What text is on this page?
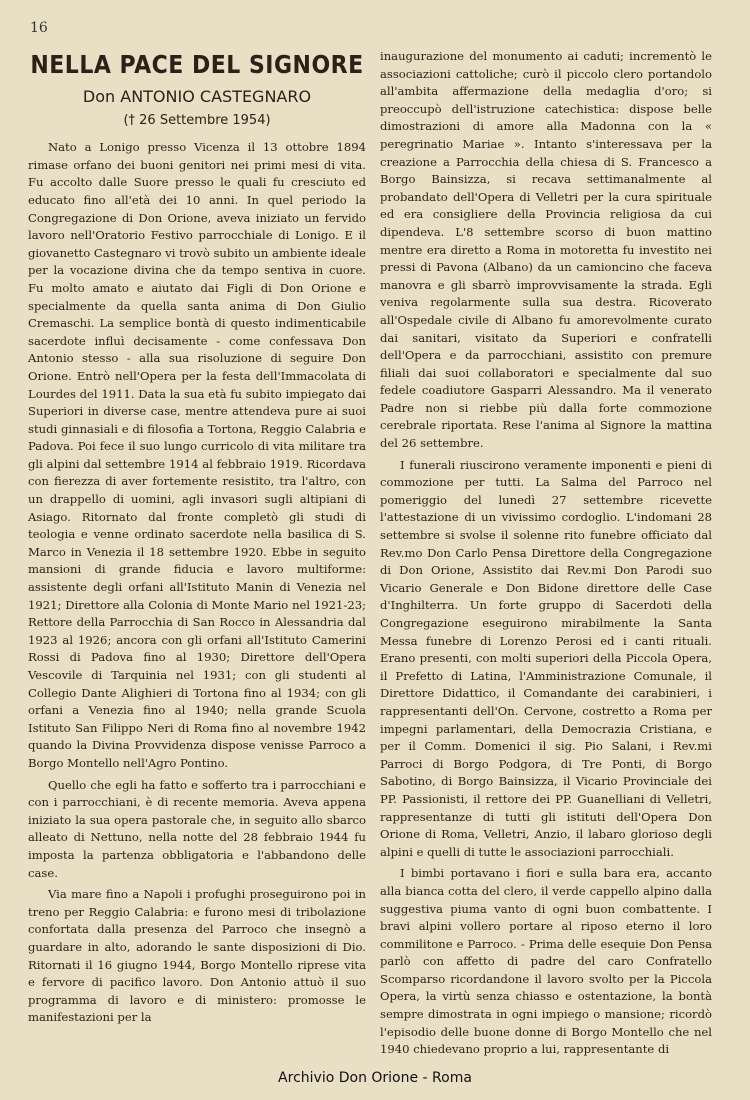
16
NELLA PACE DEL SIGNORE
Don ANTONIO CASTEGNARO
(† 26 Settembre 1954)

Nato a Lonigo presso Vicenza il 13 ottobre 1894 rimase orfano dei buoni genitori nei primi mesi di vita. Fu accolto dalle Suore presso le quali fu cresciuto ed educato fino all'età dei 10 anni. In quel periodo la Congregazione di Don Orione, aveva iniziato un fervido lavoro nell'Oratorio Festivo parrocchiale di Lonigo. E il giovanetto Castegnaro vi trovò subito un ambiente ideale per la vocazione divina che da tempo sentiva in cuore. Fu molto amato e aiutato dai Figli di Don Orione e specialmente da quella santa anima di Don Giulio Cremaschi. La semplice bontà di questo indimenticabile sacerdote influì decisamente - come confessava Don Antonio stesso - alla sua risoluzione di seguire Don Orione. Entrò nell'Opera per la festa dell'Immacolata di Lourdes del 1911. Data la sua età fu subito impiegato dai Superiori in diverse case, mentre attendeva pure ai suoi studi ginnasiali e di filosofia a Tortona, Reggio Calabria e Padova. Poi fece il suo lungo curricolo di vita militare tra gli alpini dal settembre 1914 al febbraio 1919. Ricordava con fierezza di aver fortemente resistito, tra l'altro, con un drappello di uomini, agli invasori sugli altipiani di Asiago. Ritornato dal fronte completò gli studi di teologia e venne ordinato sacerdote nella basilica di S. Marco in Venezia il 18 settembre 1920. Ebbe in seguito mansioni di grande fiducia e lavoro multiforme: assistente degli orfani all'Istituto Manin di Venezia nel 1921; Direttore alla Colonia di Monte Mario nel 1921-23; Rettore della Parrocchia di San Rocco in Alessandria dal 1923 al 1926; ancora con gli orfani all'Istituto Camerini Rossi di Padova fino al 1930; Direttore dell'Opera Vescovile di Tarquinia nel 1931; con gli studenti al Collegio Dante Alighieri di Tortona fino al 1934; con gli orfani a Venezia fino al 1940; nella grande Scuola Istituto San Filippo Neri di Roma fino al novembre 1942 quando la Divina Provvidenza dispose venisse Parroco a Borgo Montello nell'Agro Pontino.

Quello che egli ha fatto e sofferto tra i parrocchiani e con i parrocchiani, è di recente memoria. Aveva appena iniziato la sua opera pastorale che, in seguito allo sbarco alleato di Nettuno, nella notte del 28 febbraio 1944 fu imposta la partenza obbligatoria e l'abbandono delle case.

Via mare fino a Napoli i profughi proseguirono poi in treno per Reggio Calabria: e furono mesi di tribolazione confortata dalla presenza del Parroco che insegnò a guardare in alto, adorando le sante disposizioni di Dio. Ritornati il 16 giugno 1944, Borgo Montello riprese vita e fervore di pacifico lavoro. Don Antonio attuò il suo programma di lavoro e di ministero: promosse le manifestazioni per la

inaugurazione del monumento ai caduti; incrementò le associazioni cattoliche; curò il piccolo clero portandolo all'ambita affermazione della medaglia d'oro; si preoccupò dell'istruzione catechistica: dispose belle dimostrazioni di amore alla Madonna con la « peregrinatio Mariae ». Intanto s'interessava per la creazione a Parrocchia della chiesa di S. Francesco a Borgo Bainsizza, si recava settimanalmente al probandato dell'Opera di Velletri per la cura spirituale ed era consigliere della Provincia religiosa da cui dipendeva. L'8 settembre scorso di buon mattino mentre era diretto a Roma in motoretta fu investito nei pressi di Pavona (Albano) da un camioncino che faceva manovra e gli sbarrò improvvisamente la strada. Egli veniva regolarmente sulla sua destra. Ricoverato all'Ospedale civile di Albano fu amorevolmente curato dai sanitari, visitato da Superiori e confratelli dell'Opera e da parrocchiani, assistito con premure filiali dai suoi collaboratori e specialmente dal suo fedele coadiutore Gasparri Alessandro. Ma il venerato Padre non si riebbe più dalla forte commozione cerebrale riportata. Rese l'anima al Signore la mattina del 26 settembre.

I funerali riuscirono veramente imponenti e pieni di commozione per tutti. La Salma del Parroco nel pomeriggio del lunedì 27 settembre ricevette l'attestazione di un vivissimo cordoglio. L'indomani 28 settembre si svolse il solenne rito funebre officiato dal Rev.mo Don Carlo Pensa Direttore della Congregazione di Don Orione, Assistito dai Rev.mi Don Parodi suo Vicario Generale e Don Bidone direttore delle Case d'Inghilterra. Un forte gruppo di Sacerdoti della Congregazione eseguirono mirabilmente la Santa Messa funebre di Lorenzo Perosi ed i canti rituali. Erano presenti, con molti superiori della Piccola Opera, il Prefetto di Latina, l'Amministrazione Comunale, il Direttore Didattico, il Comandante dei carabinieri, i rappresentanti dell'On. Cervone, costretto a Roma per impegni parlamentari, della Democrazia Cristiana, e per il Comm. Domenici il sig. Pio Salani, i Rev.mi Parroci di Borgo Podgora, di Tre Ponti, di Borgo Sabotino, di Borgo Bainsizza, il Vicario Provinciale dei PP. Passionisti, il rettore dei PP. Guanelliani di Velletri, rappresentanze di tutti gli istituti dell'Opera Don Orione di Roma, Velletri, Anzio, il labaro glorioso degli alpini e quelli di tutte le associazioni parrocchiali.

I bimbi portavano i fiori e sulla bara era, accanto alla bianca cotta del clero, il verde cappello alpino dalla suggestiva piuma vanto di ogni buon combattente. I bravi alpini vollero portare al riposo eterno il loro commilitone e Parroco. - Prima delle esequie Don Pensa parlò con affetto di padre del caro Confratello Scomparso ricordandone il lavoro svolto per la Piccola Opera, la virtù senza chiasso e ostentazione, la bontà sempre dimostrata in ogni impiego o mansione; ricordò l'episodio delle buone donne di Borgo Montello che nel 1940 chiedevano proprio a lui, rappresentante di

Archivio Don Orione - Roma
